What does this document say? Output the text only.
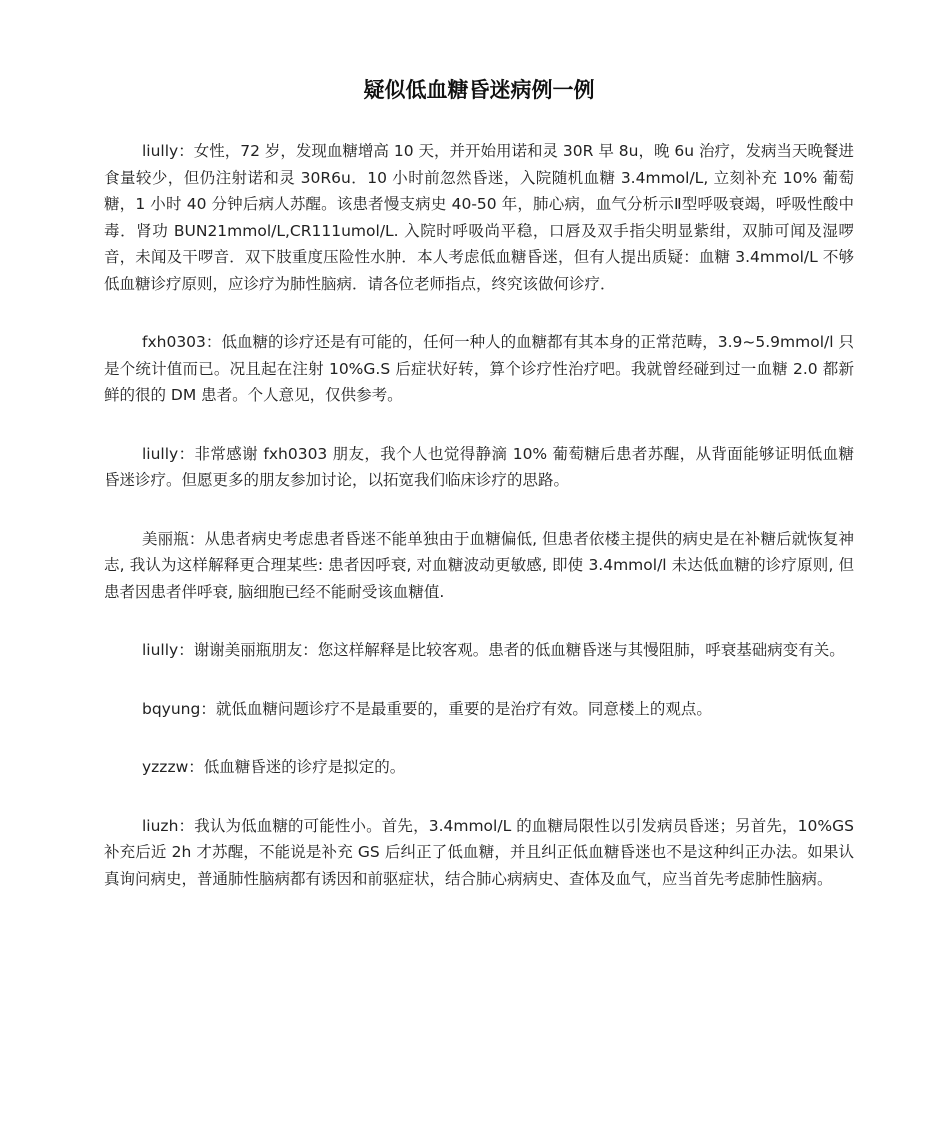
疑似低血糖昏迷病例一例

liully：女性，72 岁，发现血糖增高 10 天，并开始用诺和灵 30R 早 8u，晚 6u 治疗，发病当天晚餐进食量较少，但仍注射诺和灵 30R6u．10 小时前忽然昏迷，入院随机血糖 3.4mmol/L, 立刻补充 10% 葡萄糖，1 小时 40 分钟后病人苏醒。该患者慢支病史 40-50 年，肺心病，血气分析示Ⅱ型呼吸衰竭，呼吸性酸中毒．肾功 BUN21mmol/L,CR111umol/L. 入院时呼吸尚平稳，口唇及双手指尖明显紫绀，双肺可闻及湿啰音，未闻及干啰音．双下肢重度压险性水肿．本人考虑低血糖昏迷，但有人提出质疑：血糖 3.4mmol/L 不够低血糖诊疗原则，应诊疗为肺性脑病．请各位老师指点，终究该做何诊疗．

fxh0303：低血糖的诊疗还是有可能的，任何一种人的血糖都有其本身的正常范畴，3.9~5.9mmol/l 只是个统计值而已。况且起在注射 10%G.S 后症状好转，算个诊疗性治疗吧。我就曾经碰到过一血糖 2.0 都新鲜的很的 DM 患者。个人意见，仅供参考。

liully：非常感谢 fxh0303 朋友，我个人也觉得静滴 10% 葡萄糖后患者苏醒，从背面能够证明低血糖昏迷诊疗。但愿更多的朋友参加讨论，以拓宽我们临床诊疗的思路。

美丽瓶：从患者病史考虑患者昏迷不能单独由于血糖偏低, 但患者依楼主提供的病史是在补糖后就恢复神志, 我认为这样解释更合理某些: 患者因呼衰, 对血糖波动更敏感, 即使 3.4mmol/l 未达低血糖的诊疗原则, 但患者因患者伴呼衰, 脑细胞已经不能耐受该血糖值.

liully：谢谢美丽瓶朋友：您这样解释是比较客观。患者的低血糖昏迷与其慢阻肺，呼衰基础病变有关。

bqyung：就低血糖问题诊疗不是最重要的，重要的是治疗有效。同意楼上的观点。

yzzzw：低血糖昏迷的诊疗是拟定的。

liuzh：我认为低血糖的可能性小。首先，3.4mmol/L 的血糖局限性以引发病员昏迷；另首先，10%GS 补充后近 2h 才苏醒，不能说是补充 GS 后纠正了低血糖，并且纠正低血糖昏迷也不是这种纠正办法。如果认真询问病史，普通肺性脑病都有诱因和前驱症状，结合肺心病病史、查体及血气，应当首先考虑肺性脑病。
